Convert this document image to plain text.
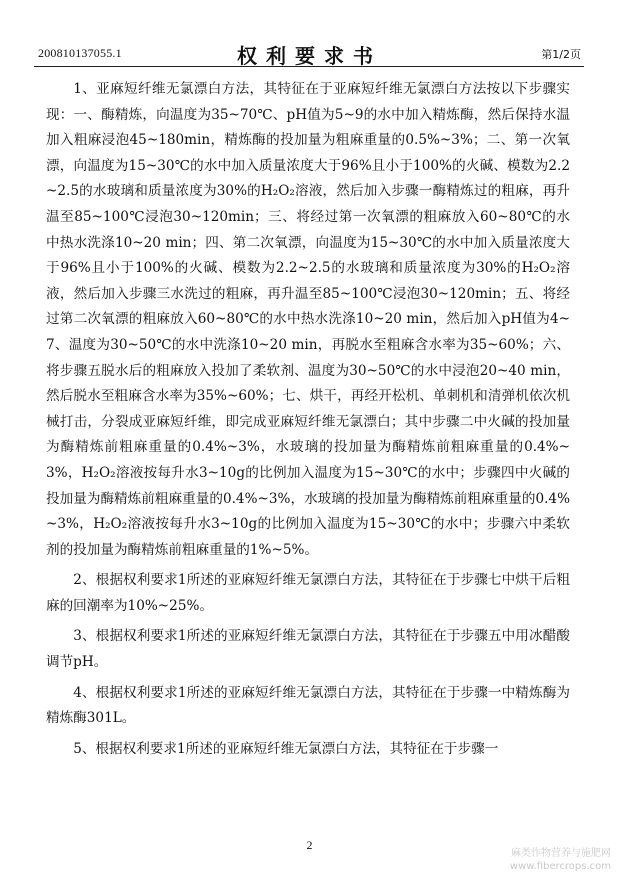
200810137055.1	权利要求书	第1/2页

1、亚麻短纤维无氯漂白方法，其特征在于亚麻短纤维无氯漂白方法按以下步骤实现：一、酶精炼，向温度为35~70℃、pH值为5~9的水中加入精炼酶，然后保持水温加入粗麻浸泡45~180min，精炼酶的投加量为粗麻重量的0.5%~3%；二、第一次氧漂，向温度为15~30℃的水中加入质量浓度大于96%且小于100%的火碱、模数为2.2~2.5的水玻璃和质量浓度为30%的H₂O₂溶液，然后加入步骤一酶精炼过的粗麻，再升温至85~100℃浸泡30~120min；三、将经过第一次氧漂的粗麻放入60~80℃的水中热水洗涤10~20 min；四、第二次氧漂，向温度为15~30℃的水中加入质量浓度大于96%且小于100%的火碱、模数为2.2~2.5的水玻璃和质量浓度为30%的H₂O₂溶液，然后加入步骤三水洗过的粗麻，再升温至85~100℃浸泡30~120min；五、将经过第二次氧漂的粗麻放入60~80℃的水中热水洗涤10~20 min，然后加入pH值为4~7、温度为30~50℃的水中洗涤10~20 min，再脱水至粗麻含水率为35~60%；六、将步骤五脱水后的粗麻放入投加了柔软剂、温度为30~50℃的水中浸泡20~40 min，然后脱水至粗麻含水率为35%~60%；七、烘干，再经开松机、单刺机和清弹机依次机械打击，分裂成亚麻短纤维，即完成亚麻短纤维无氯漂白；其中步骤二中火碱的投加量为酶精炼前粗麻重量的0.4%~3%，水玻璃的投加量为酶精炼前粗麻重量的0.4%~3%，H₂O₂溶液按每升水3~10g的比例加入温度为15~30℃的水中；步骤四中火碱的投加量为酶精炼前粗麻重量的0.4%~3%，水玻璃的投加量为酶精炼前粗麻重量的0.4%~3%，H₂O₂溶液按每升水3~10g的比例加入温度为15~30℃的水中；步骤六中柔软剂的投加量为酶精炼前粗麻重量的1%~5%。

2、根据权利要求1所述的亚麻短纤维无氯漂白方法，其特征在于步骤七中烘干后粗麻的回潮率为10%~25%。

3、根据权利要求1所述的亚麻短纤维无氯漂白方法，其特征在于步骤五中用冰醋酸调节pH。

4、根据权利要求1所述的亚麻短纤维无氯漂白方法，其特征在于步骤一中精炼酶为精炼酶301L。

5、根据权利要求1所述的亚麻短纤维无氯漂白方法，其特征在于步骤一

2
麻类作物营养与施肥网
www.fibercrops.com
